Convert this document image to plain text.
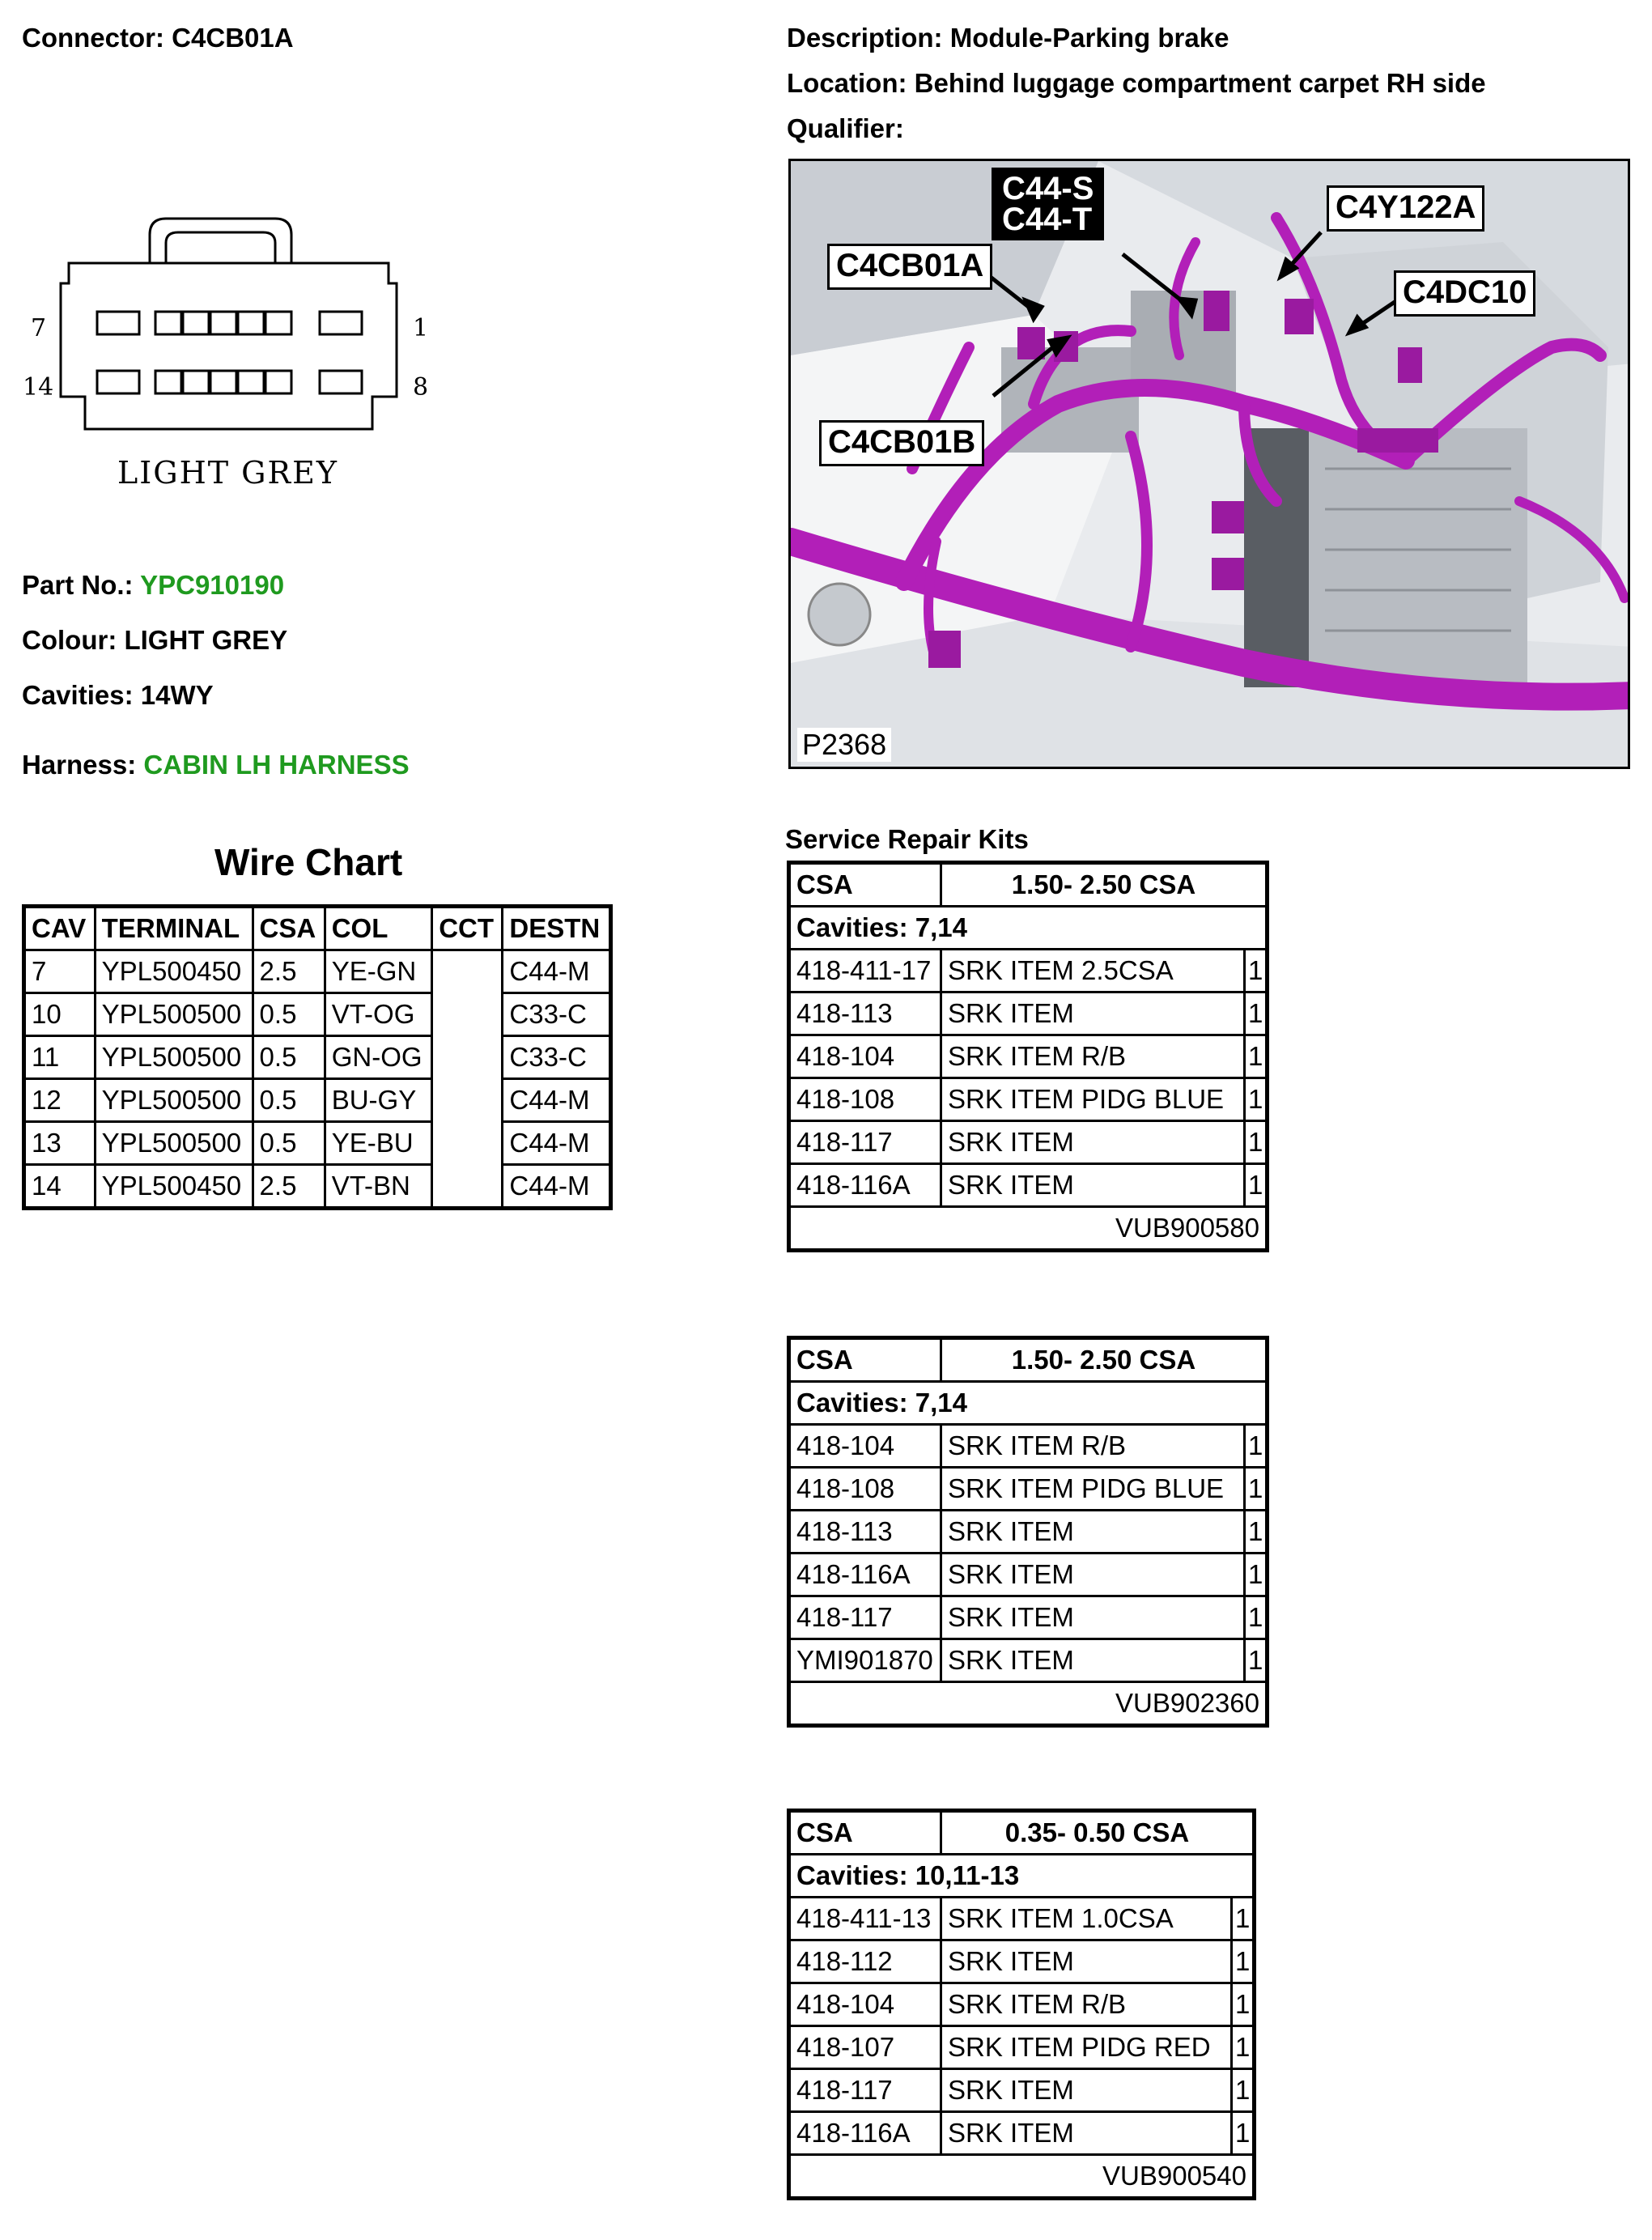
Connector: C4CB01A	Description: Module-Parking brake
Location: Behind luggage compartment carpet RH side
Qualifier:
7
14
1
8
LIGHT GREY
C44-S
C44-T	C4Y122A
C4CB01A
C4DC10
C4CB01B
P2368
Part No.: YPC910190
Colour: LIGHT GREY
Cavities: 14WY
Harness: CABIN LH HARNESS
Wire Chart
CAV	TERMINAL	CSA	COL	CCT	DESTN
7	YPL500450	2.5	YE-GN		C44-M
10	YPL500500	0.5	VT-OG		C33-C
11	YPL500500	0.5	GN-OG		C33-C
12	YPL500500	0.5	BU-GY		C44-M
13	YPL500500	0.5	YE-BU		C44-M
14	YPL500450	2.5	VT-BN		C44-M
Service Repair Kits
CSA	1.50- 2.50 CSA	
Cavities: 7,14		
418-411-17	SRK ITEM 2.5CSA	1
418-113	SRK ITEM	1
418-104	SRK ITEM R/B	1
418-108	SRK ITEM PIDG BLUE	1
418-117	SRK ITEM	1
418-116A	SRK ITEM	1
VUB900580		
CSA	1.50- 2.50 CSA	
Cavities: 7,14		
418-104	SRK ITEM R/B	1
418-108	SRK ITEM PIDG BLUE	1
418-113	SRK ITEM	1
418-116A	SRK ITEM	1
418-117	SRK ITEM	1
YMI901870	SRK ITEM	1
VUB902360		
CSA	0.35- 0.50 CSA	
Cavities: 10,11-13		
418-411-13	SRK ITEM 1.0CSA	1
418-112	SRK ITEM	1
418-104	SRK ITEM R/B	1
418-107	SRK ITEM PIDG RED	1
418-117	SRK ITEM	1
418-116A	SRK ITEM	1
VUB900540		
